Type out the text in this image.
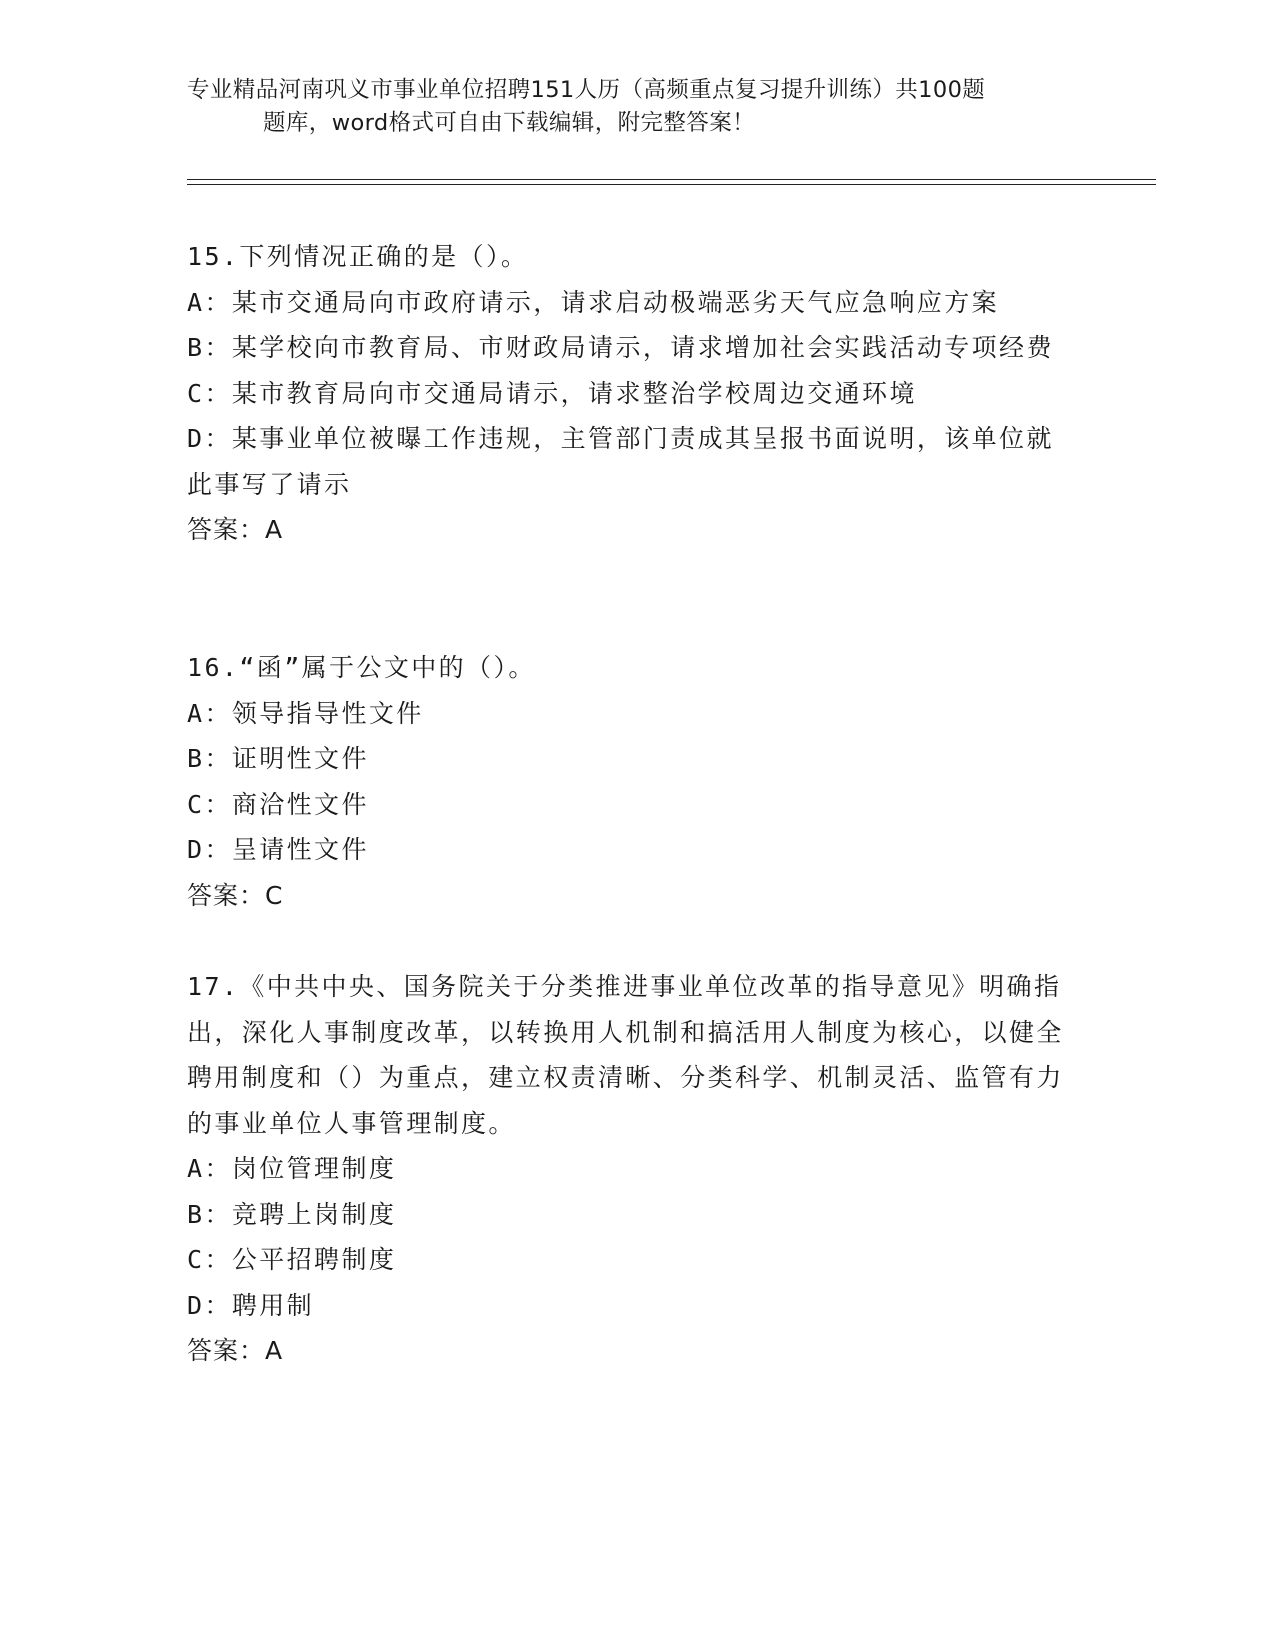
专业精品河南巩义市事业单位招聘151人历（高频重点复习提升训练）共100题
题库，word格式可自由下载编辑，附完整答案！
15.下列情况正确的是（）。
A：某市交通局向市政府请示，请求启动极端恶劣天气应急响应方案
B：某学校向市教育局、市财政局请示，请求增加社会实践活动专项经费
C：某市教育局向市交通局请示，请求整治学校周边交通环境
D：某事业单位被曝工作违规，主管部门责成其呈报书面说明，该单位就此事写了请示
答案：A
16.“函”属于公文中的（）。
A：领导指导性文件
B：证明性文件
C：商洽性文件
D：呈请性文件
答案：C
17.《中共中央、国务院关于分类推进事业单位改革的指导意见》明确指出，深化人事制度改革，以转换用人机制和搞活用人制度为核心，以健全聘用制度和（）为重点，建立权责清晰、分类科学、机制灵活、监管有力的事业单位人事管理制度。
A：岗位管理制度
B：竞聘上岗制度
C：公平招聘制度
D：聘用制
答案：A
